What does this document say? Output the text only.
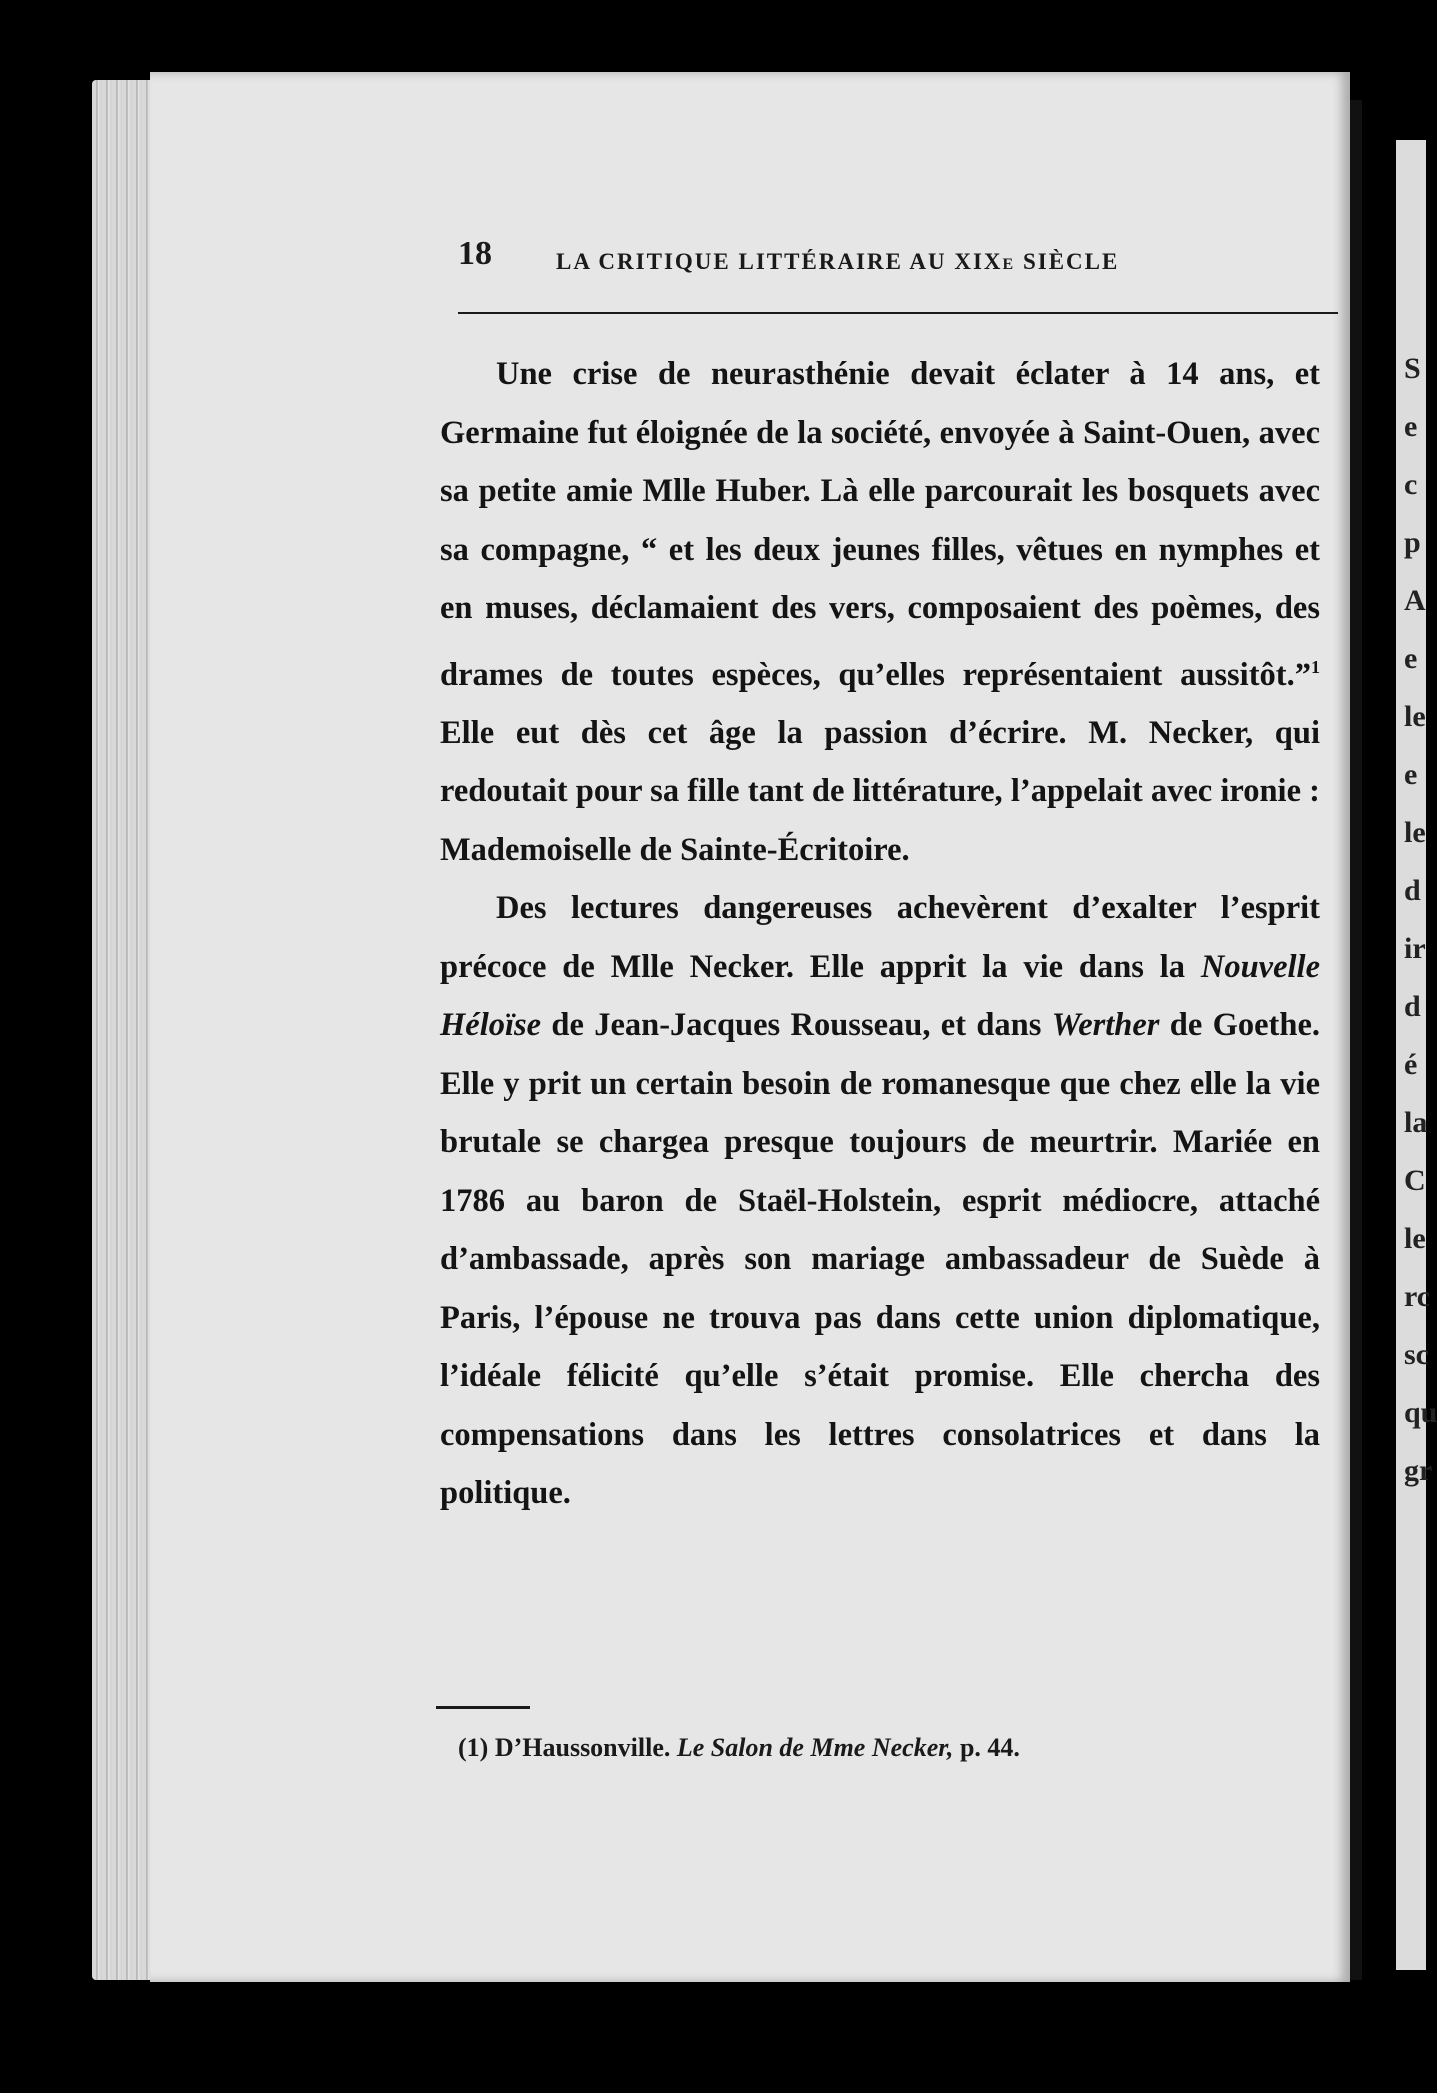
S e c p A e le e le d ir d é la C le rc sc qu gr
18	LA CRITIQUE LITTÉRAIRE AU XIXe SIÈCLE

Une crise de neurasthénie devait éclater à 14 ans, et Germaine fut éloignée de la société, envoyée à Saint-Ouen, avec sa petite amie Mlle Huber. Là elle parcourait les bosquets avec sa compagne, “ et les deux jeunes filles, vêtues en nymphes et en muses, déclamaient des vers, composaient des poèmes, des drames de toutes espèces, qu’elles représentaient aussitôt.”$^1$ Elle eut dès cet âge la passion d’écrire. M. Necker, qui redoutait pour sa fille tant de littérature, l’appelait avec ironie : Mademoiselle de Sainte-Écritoire.

Des lectures dangereuses achevèrent d’exalter l’esprit précoce de Mlle Necker. Elle apprit la vie dans la Nouvelle Héloïse de Jean-Jacques Rousseau, et dans Werther de Goethe. Elle y prit un certain besoin de romanesque que chez elle la vie brutale se chargea presque toujours de meurtrir. Mariée en 1786 au baron de Staël-Holstein, esprit médiocre, attaché d’ambassade, après son mariage ambassadeur de Suède à Paris, l’épouse ne trouva pas dans cette union diplomatique, l’idéale félicité qu’elle s’était promise. Elle chercha des compensations dans les lettres consolatrices et dans la politique.

(1) D’Haussonville. Le Salon de Mme Necker, p. 44.
